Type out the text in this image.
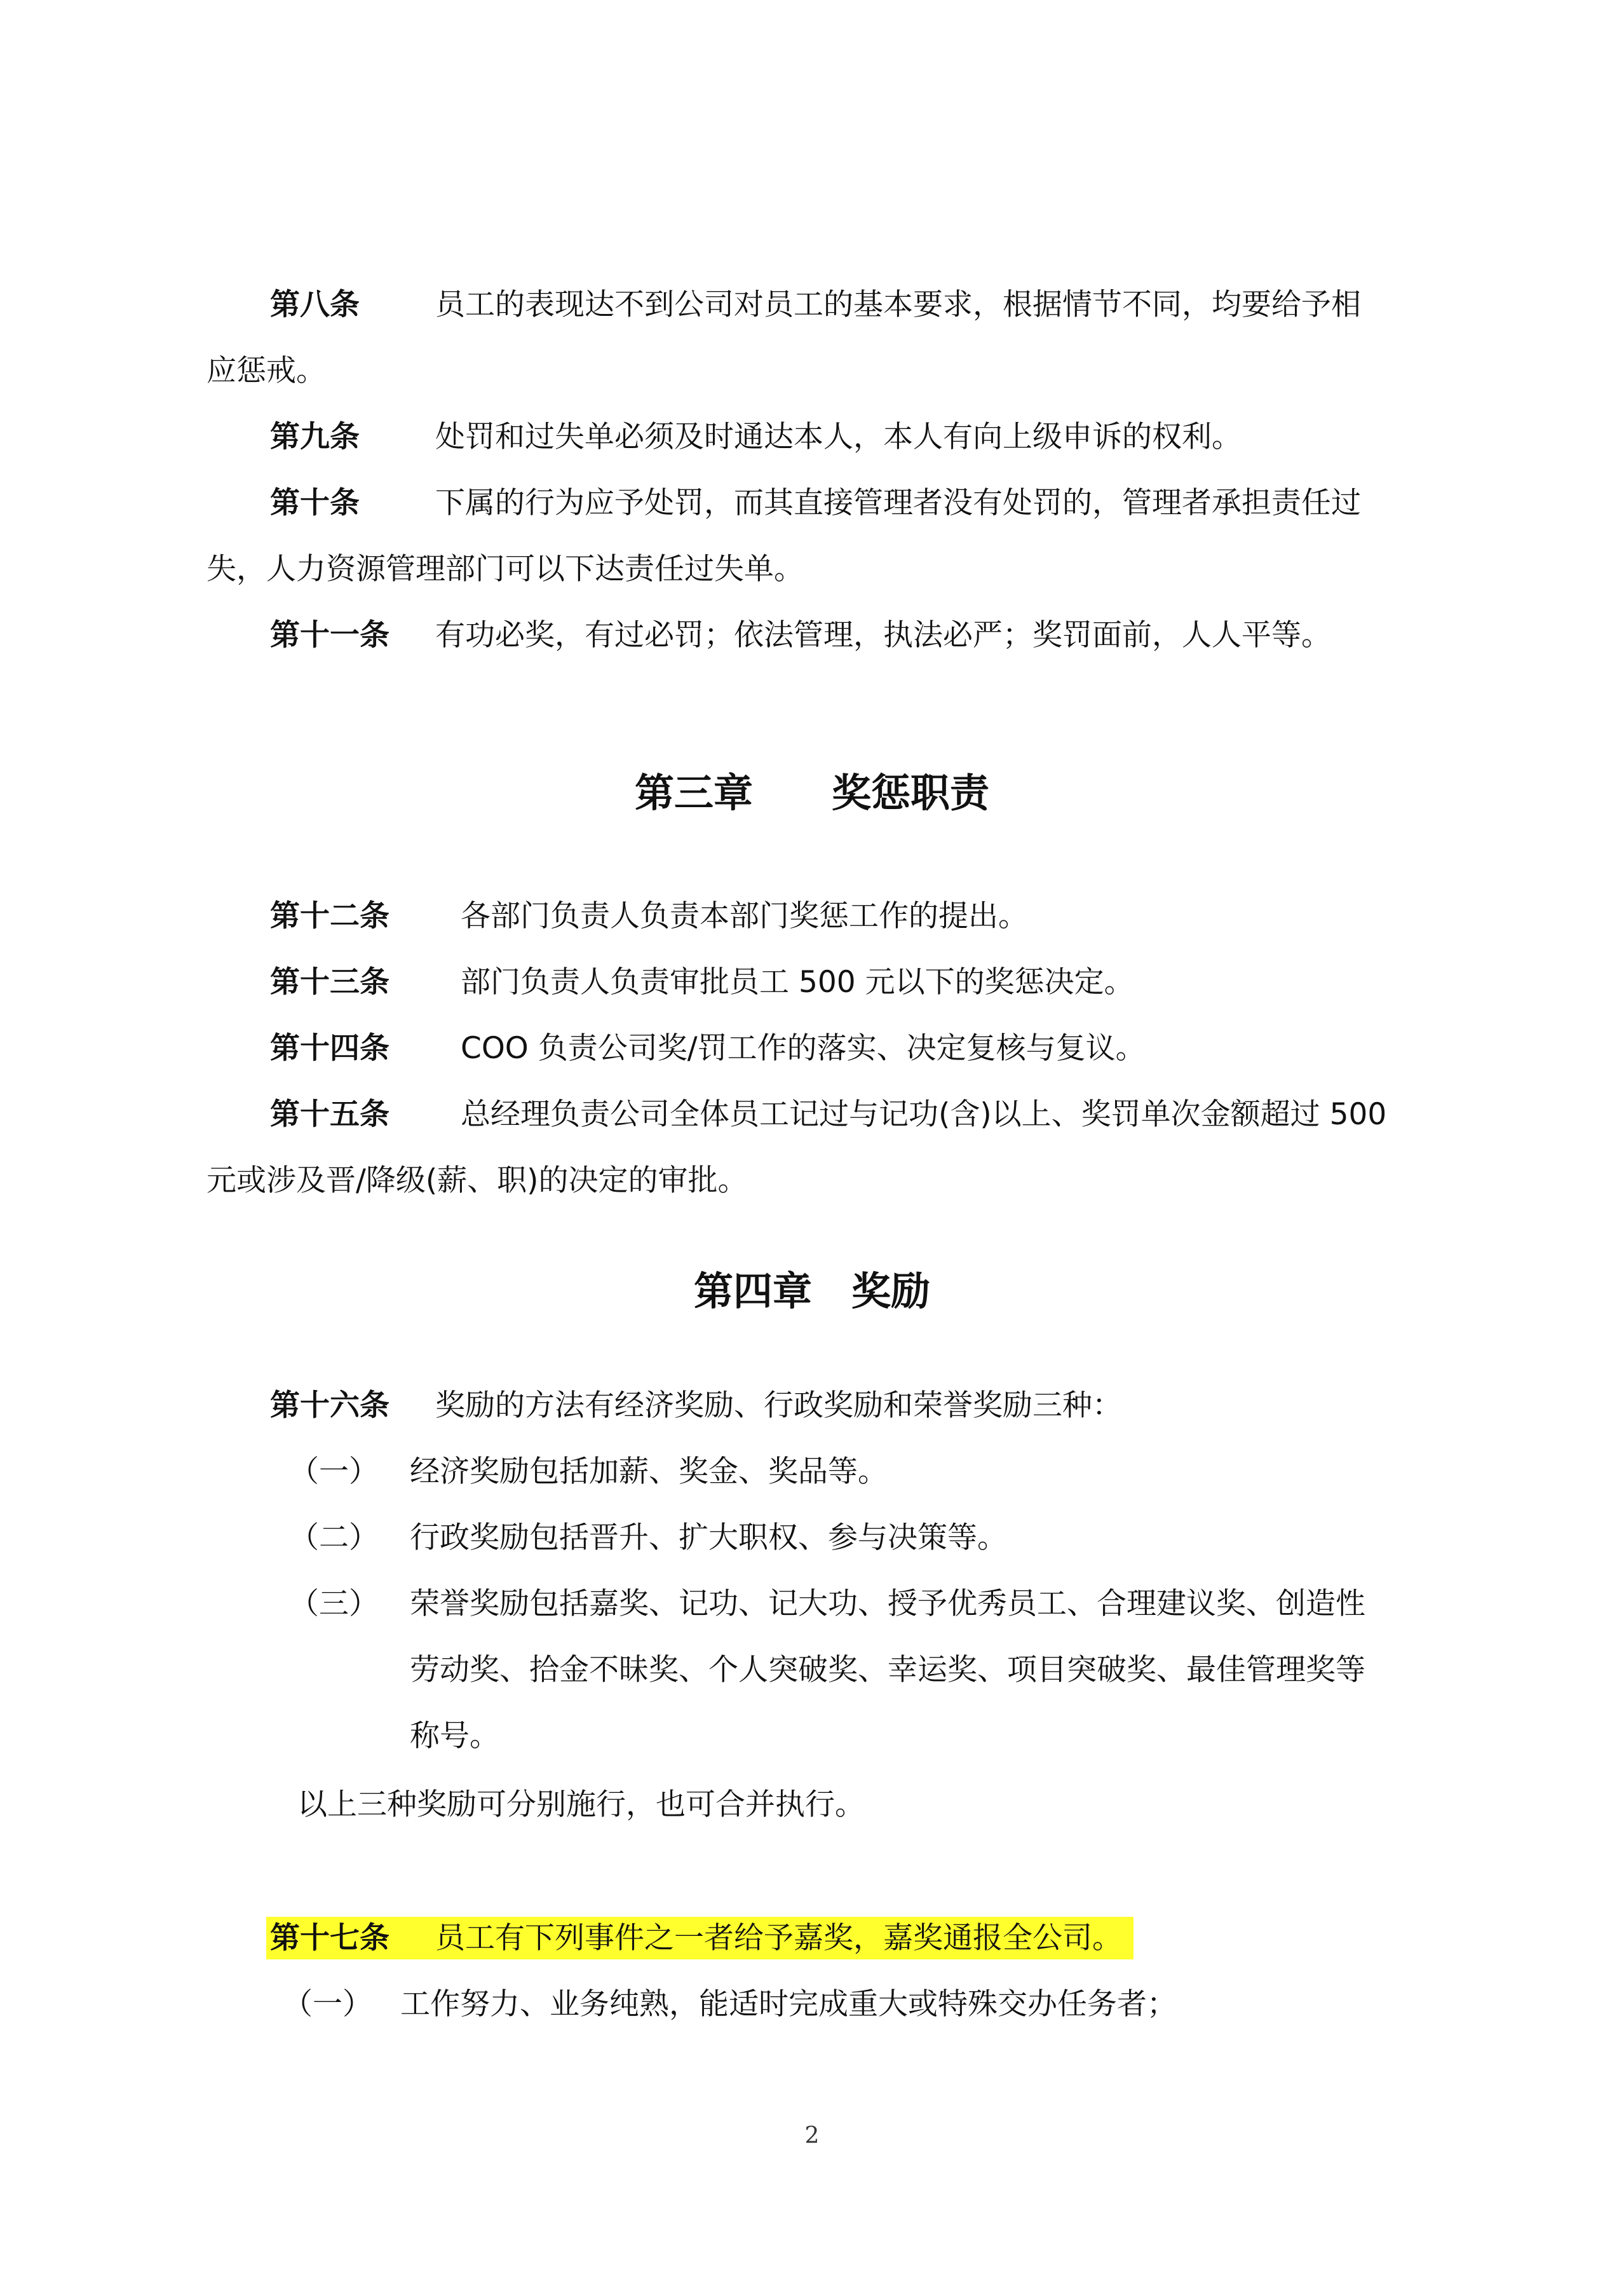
第八条	员工的表现达不到公司对员工的基本要求，根据情节不同，均要给予相
应惩戒。
第九条	处罚和过失单必须及时通达本人，本人有向上级申诉的权利。
第十条	下属的行为应予处罚，而其直接管理者没有处罚的，管理者承担责任过
失，人力资源管理部门可以下达责任过失单。
第十一条 有功必奖，有过必罚；依法管理，执法必严；奖罚面前，人人平等。
第三章　　奖惩职责
第十二条 各部门负责人负责本部门奖惩工作的提出。
第十三条 部门负责人负责审批员工 500 元以下的奖惩决定。
第十四条 COO 负责公司奖/罚工作的落实、决定复核与复议。
第十五条 总经理负责公司全体员工记过与记功(含)以上、奖罚单次金额超过 500
元或涉及晋/降级(薪、职)的决定的审批。
第四章　奖励
第十六条 奖励的方法有经济奖励、行政奖励和荣誉奖励三种：
（一） 经济奖励包括加薪、奖金、奖品等。
（二） 行政奖励包括晋升、扩大职权、参与决策等。
（三） 荣誉奖励包括嘉奖、记功、记大功、授予优秀员工、合理建议奖、创造性
劳动奖、拾金不昧奖、个人突破奖、幸运奖、项目突破奖、最佳管理奖等
称号。
以上三种奖励可分别施行，也可合并执行。
第十七条 员工有下列事件之一者给予嘉奖，嘉奖通报全公司。
（一） 工作努力、业务纯熟，能适时完成重大或特殊交办任务者；
2
